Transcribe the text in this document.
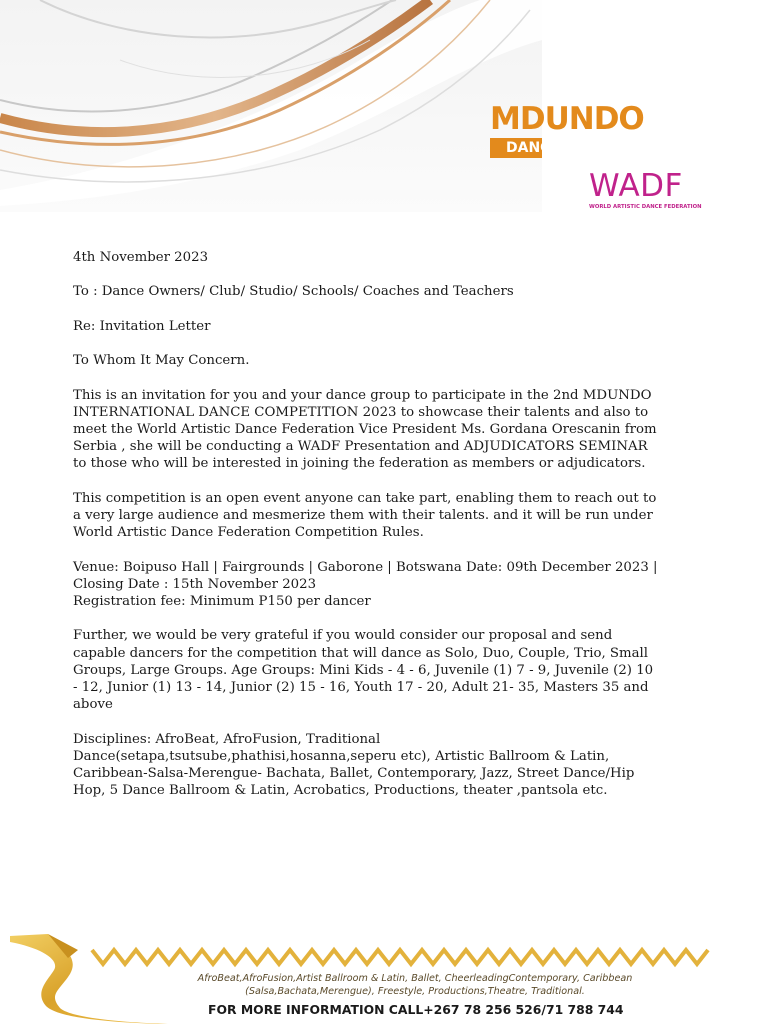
MDUNDO
DANCE
WADF
WORLD ARTISTIC DANCE FEDERATION

4th November 2023

To : Dance Owners/ Club/ Studio/ Schools/ Coaches and Teachers

Re: Invitation Letter

To Whom It May Concern.

This is an invitation for you and your dance group to participate in the 2nd MDUNDO INTERNATIONAL DANCE COMPETITION 2023 to showcase their talents and also to meet the World Artistic Dance Federation Vice President Ms. Gordana Orescanin from Serbia , she will be conducting a WADF Presentation and ADJUDICATORS SEMINAR to those who will be interested in joining the federation as members or adjudicators.

This competition is an open event anyone can take part, enabling them to reach out to a very large audience and mesmerize them with their talents. and it will be run under World Artistic Dance Federation Competition Rules.

Venue: Boipuso Hall | Fairgrounds | Gaborone | Botswana Date: 09th December 2023 | Closing Date : 15th November 2023

Registration fee: Minimum P150 per dancer

Further, we would be very grateful if you would consider our proposal and send capable dancers for the competition that will dance as Solo, Duo, Couple, Trio, Small Groups, Large Groups. Age Groups: Mini Kids - 4 - 6, Juvenile (1) 7 - 9, Juvenile (2) 10 - 12, Junior (1) 13 - 14, Junior (2) 15 - 16, Youth 17 - 20, Adult 21- 35, Masters 35 and above

Disciplines: AfroBeat, AfroFusion, Traditional Dance(setapa,tsutsube,phathisi,hosanna,seperu etc), Artistic Ballroom & Latin, Caribbean-Salsa-Merengue- Bachata, Ballet, Contemporary, Jazz, Street Dance/Hip Hop, 5 Dance Ballroom & Latin, Acrobatics, Productions, theater ,pantsola etc.

AfroBeat,AfroFusion,Artist Ballroom & Latin, Ballet, CheerleadingContemporary, Caribbean
(Salsa,Bachata,Merengue), Freestyle, Productions,Theatre, Traditional.
FOR MORE INFORMATION CALL+267 78 256 526/71 788 744
